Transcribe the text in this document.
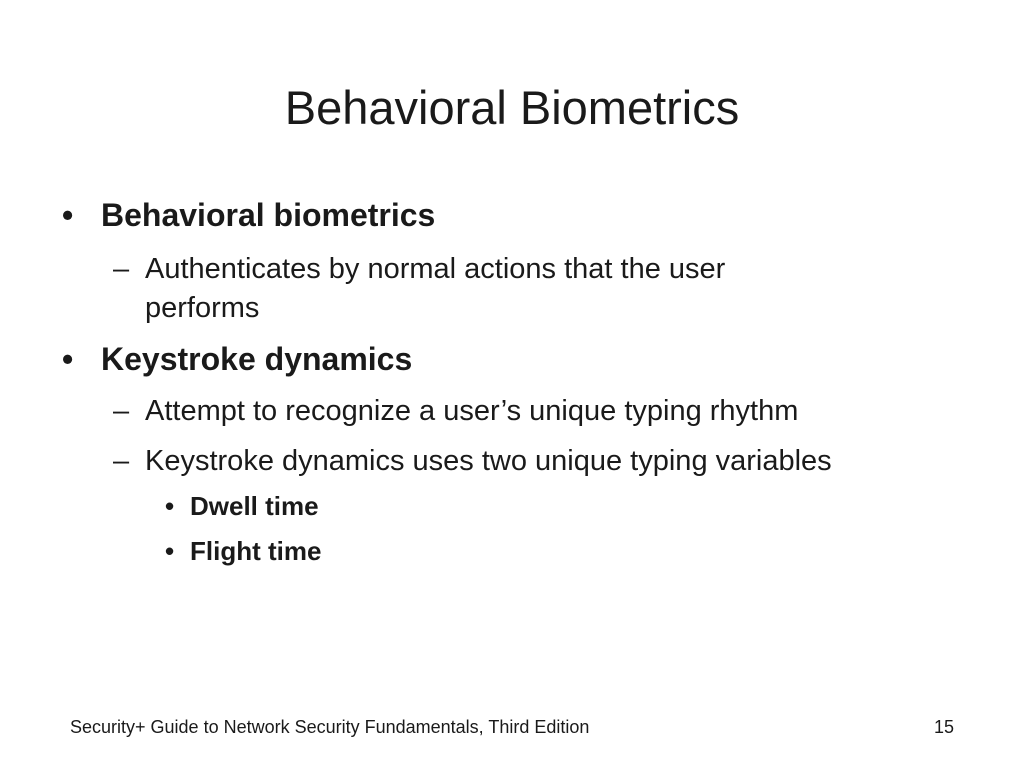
Behavioral Biometrics
• Behavioral biometrics
– Authenticates by normal actions that the user
performs
• Keystroke dynamics
– Attempt to recognize a user’s unique typing rhythm
– Keystroke dynamics uses two unique typing variables
• Dwell time
• Flight time
Security+ Guide to Network Security Fundamentals, Third Edition	15
